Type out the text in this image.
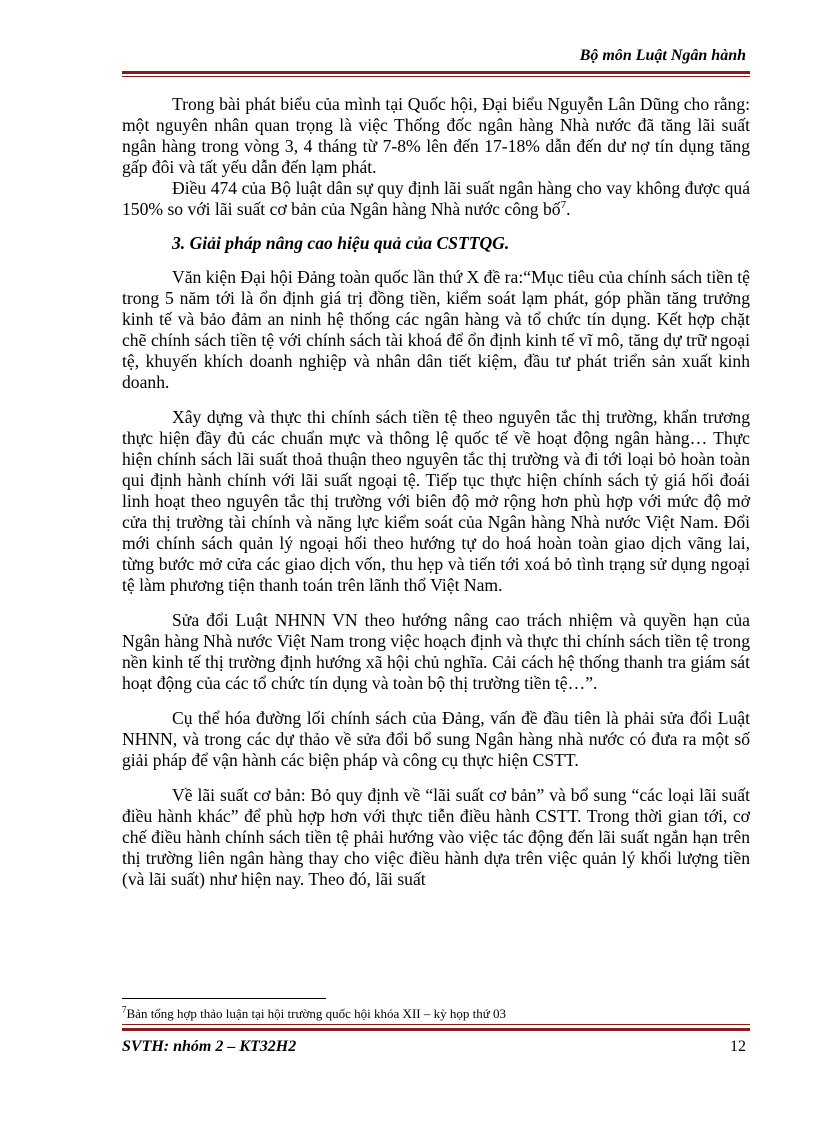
Bộ môn Luật Ngân hành

Trong bài phát biểu của mình tại Quốc hội, Đại biểu Nguyễn Lân Dũng cho rằng: một nguyên nhân quan trọng là việc Thống đốc ngân hàng Nhà nước đã tăng lãi suất ngân hàng trong vòng 3, 4 tháng từ 7-8% lên đến 17-18% dẫn đến dư nợ tín dụng tăng gấp đôi và tất yếu dẫn đến lạm phát.

Điều 474 của Bộ luật dân sự quy định lãi suất ngân hàng cho vay không được quá 150% so với lãi suất cơ bản của Ngân hàng Nhà nước công bố$^7$.

3. Giải pháp nâng cao hiệu quả của CSTTQG.

Văn kiện Đại hội Đảng toàn quốc lần thứ X đề ra:“Mục tiêu của chính sách tiền tệ trong 5 năm tới là ổn định giá trị đồng tiền, kiểm soát lạm phát, góp phần tăng trưởng kinh tế và bảo đảm an ninh hệ thống các ngân hàng và tổ chức tín dụng. Kết hợp chặt chẽ chính sách tiền tệ với chính sách tài khoá để ổn định kinh tế vĩ mô, tăng dự trữ ngoại tệ, khuyến khích doanh nghiệp và nhân dân tiết kiệm, đầu tư phát triển sản xuất kinh doanh.

Xây dựng và thực thi chính sách tiền tệ theo nguyên tắc thị trường, khẩn trương thực hiện đầy đủ các chuẩn mực và thông lệ quốc tế về hoạt động ngân hàng… Thực hiện chính sách lãi suất thoả thuận theo nguyên tắc thị trường và đi tới loại bỏ hoàn toàn qui định hành chính với lãi suất ngoại tệ. Tiếp tục thực hiện chính sách tỷ giá hối đoái linh hoạt theo nguyên tắc thị trường với biên độ mở rộng hơn phù hợp với mức độ mở cửa thị trường tài chính và năng lực kiểm soát của Ngân hàng Nhà nước Việt Nam. Đổi mới chính sách quản lý ngoại hối theo hướng tự do hoá hoàn toàn giao dịch vãng lai, từng bước mở cửa các giao dịch vốn, thu hẹp và tiến tới xoá bỏ tình trạng sử dụng ngoại tệ làm phương tiện thanh toán trên lãnh thổ Việt Nam.

Sửa đổi Luật NHNN VN theo hướng nâng cao trách nhiệm và quyền hạn của Ngân hàng Nhà nước Việt Nam trong việc hoạch định và thực thi chính sách tiền tệ trong nền kinh tế thị trường định hướng xã hội chủ nghĩa. Cải cách hệ thống thanh tra giám sát hoạt động của các tổ chức tín dụng và toàn bộ thị trường tiền tệ…”.

Cụ thể hóa đường lối chính sách của Đảng, vấn đề đầu tiên là phải sửa đổi Luật NHNN, và trong các dự thảo về sửa đổi bổ sung Ngân hàng nhà nước có đưa ra một số giải pháp để vận hành các biện pháp và công cụ thực hiện CSTT.

Về lãi suất cơ bản: Bỏ quy định về “lãi suất cơ bản” và bổ sung “các loại lãi suất điều hành khác” để phù hợp hơn với thực tiễn điều hành CSTT. Trong thời gian tới, cơ chế điều hành chính sách tiền tệ phải hướng vào việc tác động đến lãi suất ngắn hạn trên thị trường liên ngân hàng thay cho việc điều hành dựa trên việc quản lý khối lượng tiền (và lãi suất) như hiện nay. Theo đó, lãi suất

$^7$Bản tổng hợp thảo luận tại hội trường quốc hội khóa XII – kỳ họp thứ 03
SVTH: nhóm 2 – KT32H2	12
